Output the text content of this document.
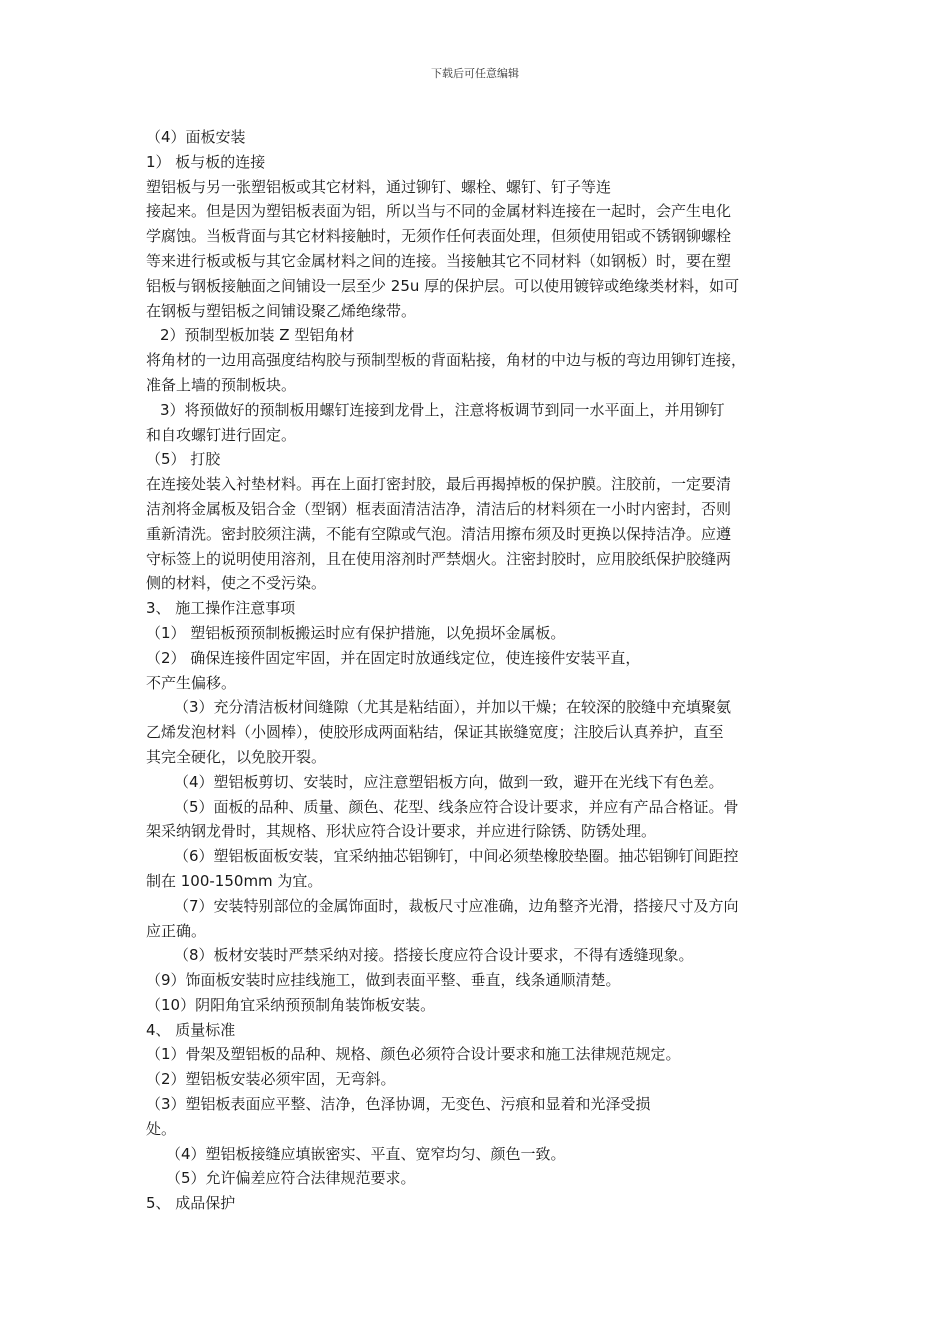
下载后可任意编辑
（4）面板安装
1） 板与板的连接
塑铝板与另一张塑铝板或其它材料，通过铆钉、螺栓、螺钉、钉子等连
接起来。但是因为塑铝板表面为铝，所以当与不同的金属材料连接在一起时，会产生电化
学腐蚀。当板背面与其它材料接触时，无须作任何表面处理，但须使用铝或不锈钢铆螺栓
等来进行板或板与其它金属材料之间的连接。当接触其它不同材料（如钢板）时，要在塑
铝板与钢板接触面之间铺设一层至少 25u 厚的保护层。可以使用镀锌或绝缘类材料，如可
在钢板与塑铝板之间铺设聚乙烯绝缘带。
2）预制型板加装 Z 型铝角材
将角材的一边用高强度结构胶与预制型板的背面粘接，角材的中边与板的弯边用铆钉连接，
准备上墙的预制板块。
3）将预做好的预制板用螺钉连接到龙骨上，注意将板调节到同一水平面上，并用铆钉
和自攻螺钉进行固定。
（5） 打胶
在连接处装入衬垫材料。再在上面打密封胶，最后再揭掉板的保护膜。注胶前，一定要清
洁剂将金属板及铝合金（型钢）框表面清洁洁净，清洁后的材料须在一小时内密封，否则
重新清洗。密封胶须注满，不能有空隙或气泡。清洁用擦布须及时更换以保持洁净。应遵
守标签上的说明使用溶剂，且在使用溶剂时严禁烟火。注密封胶时，应用胶纸保护胶缝两
侧的材料，使之不受污染。
3、 施工操作注意事项
（1） 塑铝板预预制板搬运时应有保护措施，以免损坏金属板。
（2） 确保连接件固定牢固，并在固定时放通线定位，使连接件安装平直，
不产生偏移。
（3）充分清洁板材间缝隙（尤其是粘结面），并加以干燥；在较深的胶缝中充填聚氨
乙烯发泡材料（小圆棒），使胶形成两面粘结，保证其嵌缝宽度；注胶后认真养护，直至
其完全硬化，以免胶开裂。
（4）塑铝板剪切、安装时，应注意塑铝板方向，做到一致，避开在光线下有色差。
（5）面板的品种、质量、颜色、花型、线条应符合设计要求，并应有产品合格证。骨
架采纳钢龙骨时，其规格、形状应符合设计要求，并应进行除锈、防锈处理。
（6）塑铝板面板安装，宜采纳抽芯铝铆钉，中间必须垫橡胶垫圈。抽芯铝铆钉间距控
制在 100-150mm 为宜。
（7）安装特别部位的金属饰面时，裁板尺寸应准确，边角整齐光滑，搭接尺寸及方向
应正确。
（8）板材安装时严禁采纳对接。搭接长度应符合设计要求，不得有透缝现象。
（9）饰面板安装时应挂线施工，做到表面平整、垂直，线条通顺清楚。
（10）阴阳角宜采纳预预制角装饰板安装。
4、 质量标准
（1）骨架及塑铝板的品种、规格、颜色必须符合设计要求和施工法律规范规定。
（2）塑铝板安装必须牢固，无弯斜。
（3）塑铝板表面应平整、洁净，色泽协调，无变色、污痕和显着和光泽受损
处。
（4）塑铝板接缝应填嵌密实、平直、宽窄均匀、颜色一致。
（5）允许偏差应符合法律规范要求。
5、 成品保护
